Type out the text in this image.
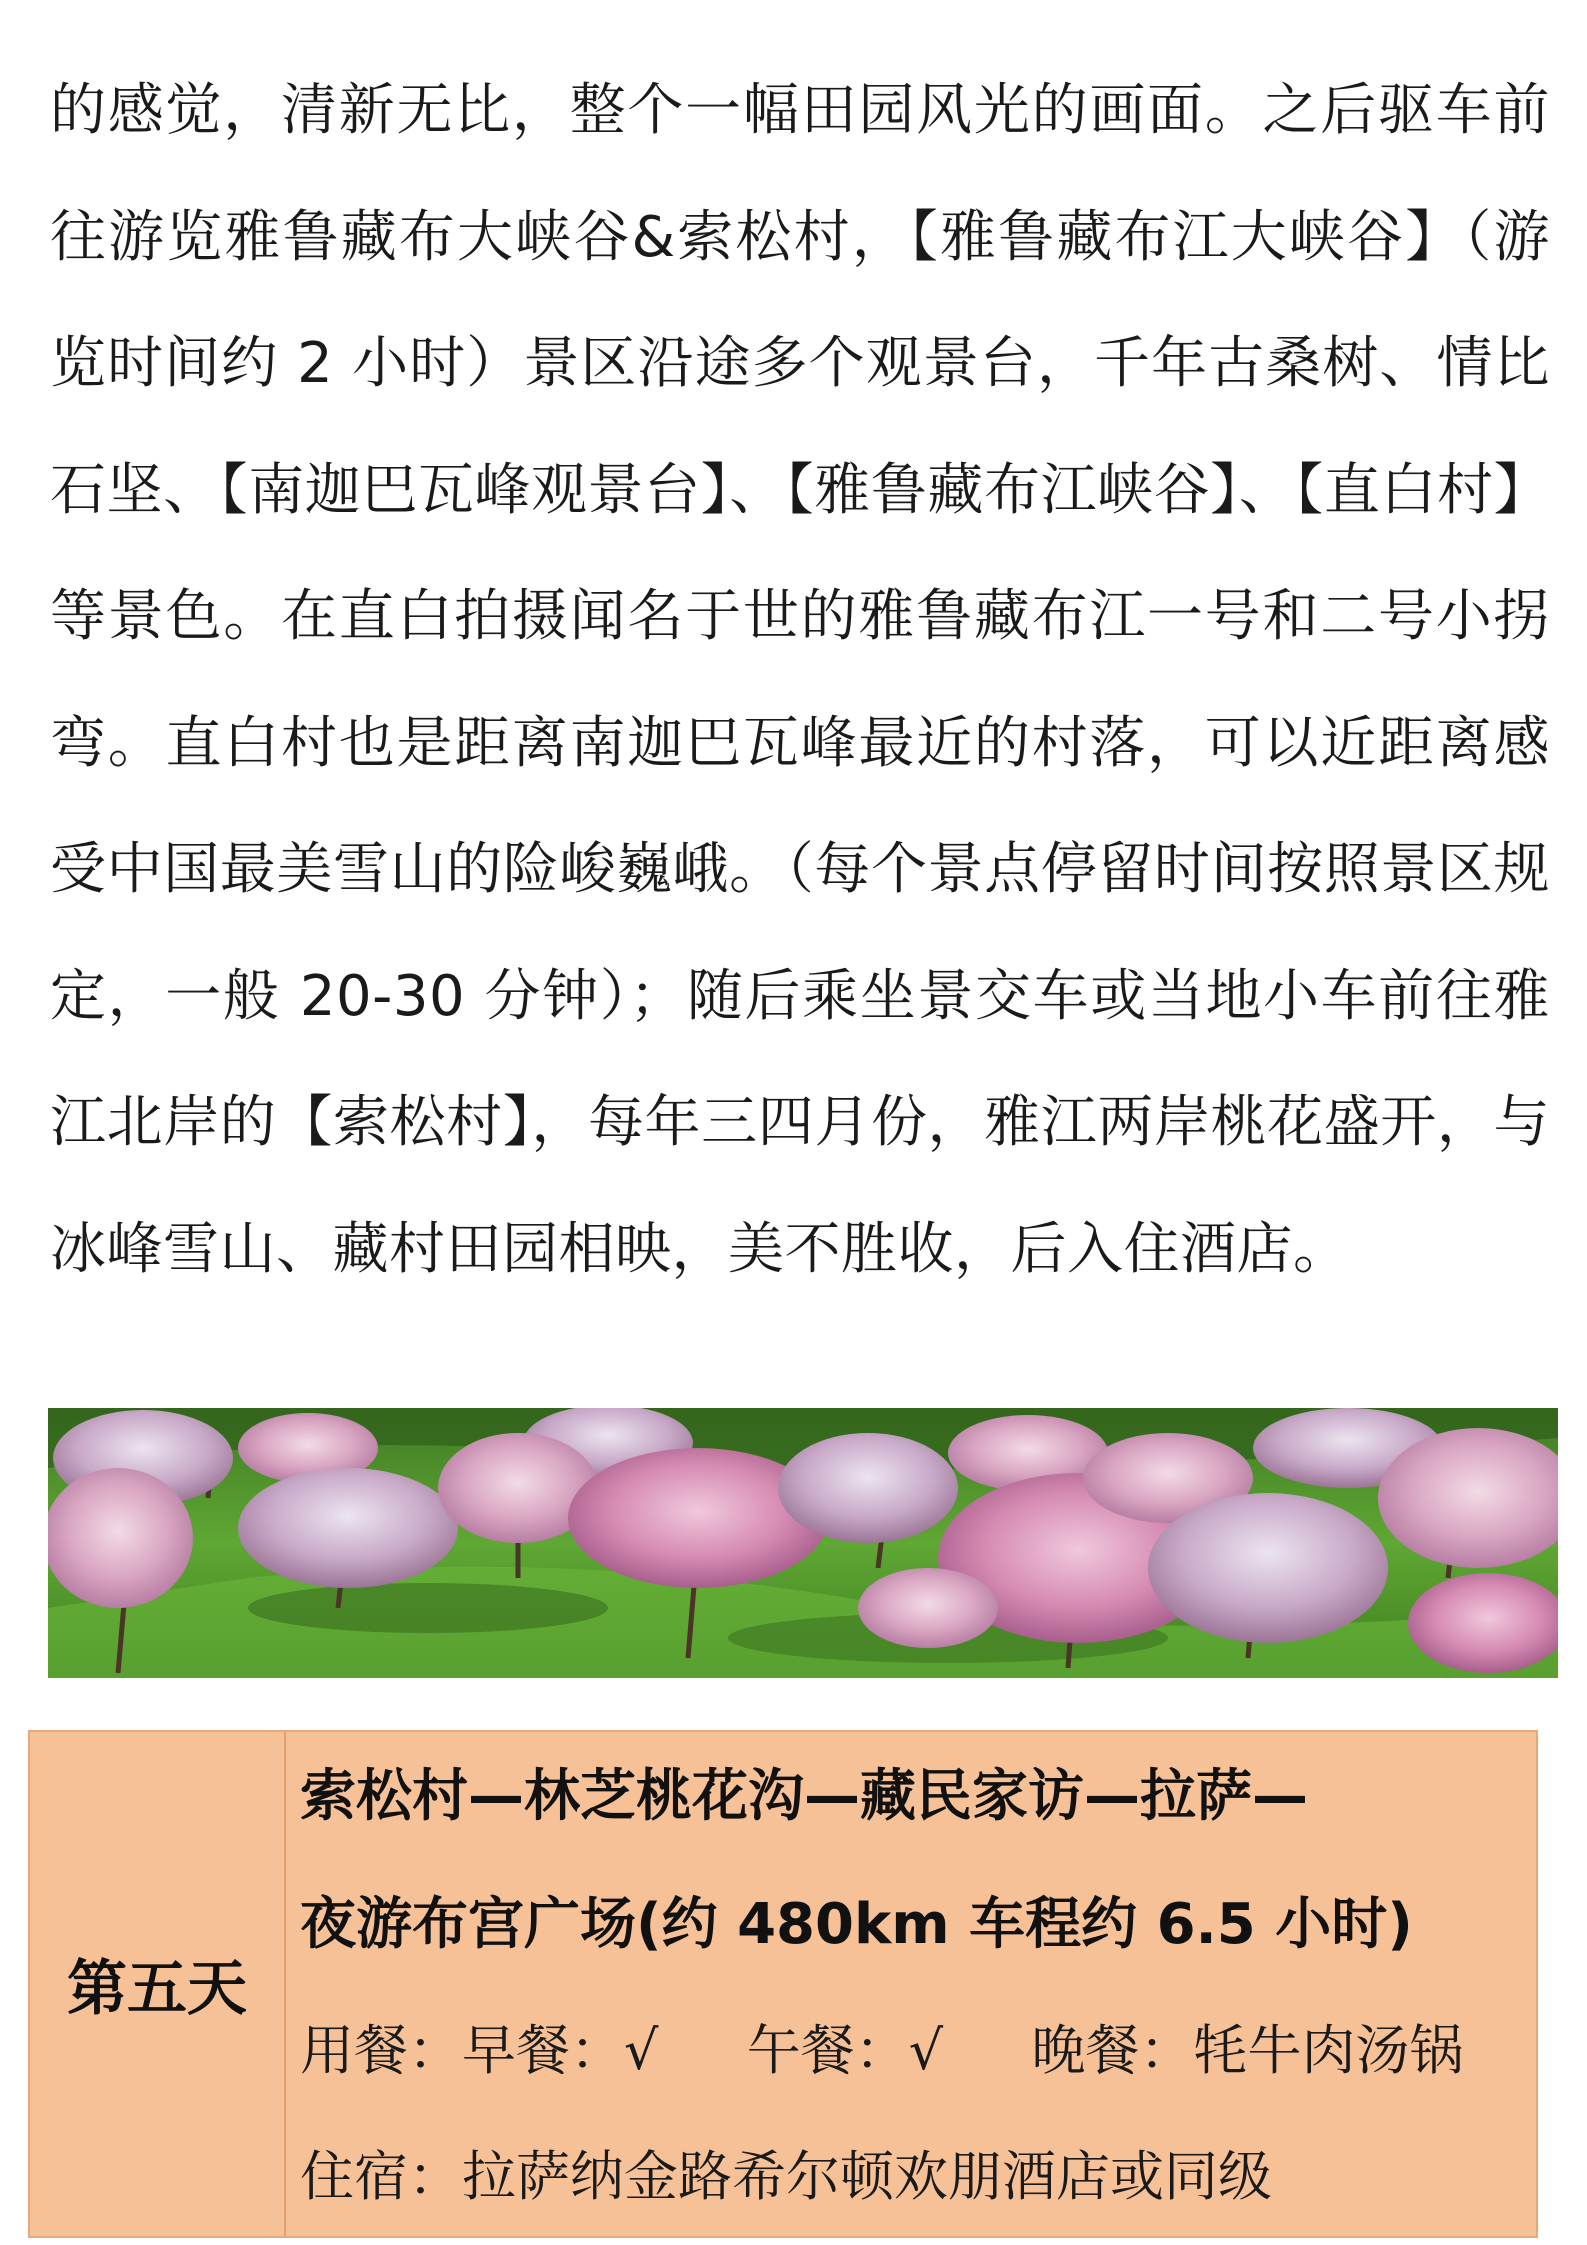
的感觉，清新无比，整个一幅田园风光的画面。之后驱车前往游览雅鲁藏布大峡谷&索松村，【雅鲁藏布江大峡谷】（游览时间约 2 小时）景区沿途多个观景台，千年古桑树、情比石坚、【南迦巴瓦峰观景台】、【雅鲁藏布江峡谷】、【直白村】等景色。在直白拍摄闻名于世的雅鲁藏布江一号和二号小拐弯。直白村也是距离南迦巴瓦峰最近的村落，可以近距离感受中国最美雪山的险峻巍峨。（每个景点停留时间按照景区规定，一般 20-30 分钟）；随后乘坐景交车或当地小车前往雅江北岸的【索松村】，每年三四月份，雅江两岸桃花盛开，与冰峰雪山、藏村田园相映，美不胜收，后入住酒店。

第五天
索松村—林芝桃花沟—藏民家访—拉萨—
夜游布宫广场(约 480km 车程约 6.5 小时)
用餐：早餐：√ 午餐：√ 晚餐：牦牛肉汤锅
住宿：拉萨纳金路希尔顿欢朋酒店或同级
